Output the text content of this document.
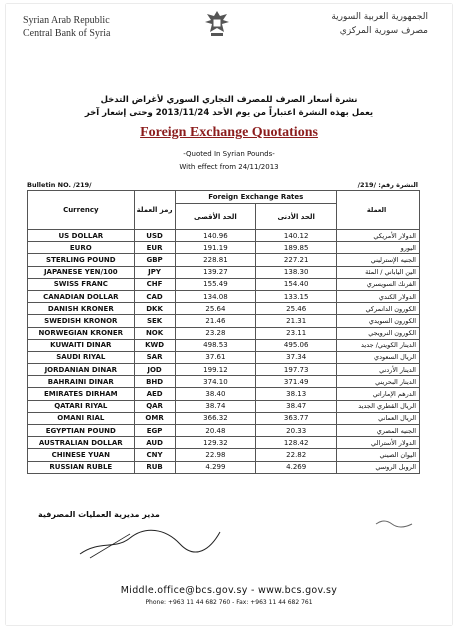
Syrian Arab Republic
Central Bank of Syria
الجمهورية العربية السورية
مصرف سورية المركزي
نشرة أسعار الصرف للمصرف التجاري السوري لأغراض التدخل
يعمل بهذه النشرة اعتباراً من يوم الأحد 2013/11/24 وحتى إشعار آخر
Foreign Exchange Quotations
-Quoted In Syrian Pounds-
With effect from 24/11/2013
Bulletin NO. /219/	النشرة رقم: /219/
Currency	رمز العملة	Foreign Exchange Rates		العملة
		الحد الأقصى	الحد الأدنى	
US DOLLAR	USD	140.96	140.12	الدولار الأمريكي
EURO	EUR	191.19	189.85	اليورو
STERLING POUND	GBP	228.81	227.21	الجنيه الإسترليني
JAPANESE YEN/100	JPY	139.27	138.30	الين الياباني / المئة
SWISS FRANC	CHF	155.49	154.40	الفرنك السويسري
CANADIAN DOLLAR	CAD	134.08	133.15	الدولار الكندي
DANISH KRONER	DKK	25.64	25.46	الكورون الدانمركي
SWEDISH KRONOR	SEK	21.46	21.31	الكورون السويدي
NORWEGIAN KRONER	NOK	23.28	23.11	الكورون النرويجي
KUWAITI DINAR	KWD	498.53	495.06	الدينار الكويتي/ جديد
SAUDI RIYAL	SAR	37.61	37.34	الريال السعودي
JORDANIAN DINAR	JOD	199.12	197.73	الدينار الأردني
BAHRAINI DINAR	BHD	374.10	371.49	الدينار البحريني
EMIRATES DIRHAM	AED	38.40	38.13	الدرهم الإماراتي
QATARI RIYAL	QAR	38.74	38.47	الريال القطري الجديد
OMANI RIAL	OMR	366.32	363.77	الريال العماني
EGYPTIAN POUND	EGP	20.48	20.33	الجنيه المصري
AUSTRALIAN DOLLAR	AUD	129.32	128.42	الدولار الأسترالي
CHINESE YUAN	CNY	22.98	22.82	اليوان الصيني
RUSSIAN RUBLE	RUB	4.299	4.269	الروبل الروسي
مدير مديرية العمليات المصرفية
Middle.office@bcs.gov.sy - www.bcs.gov.sy
Phone: +963 11 44 682 760 - Fax: +963 11 44 682 761
